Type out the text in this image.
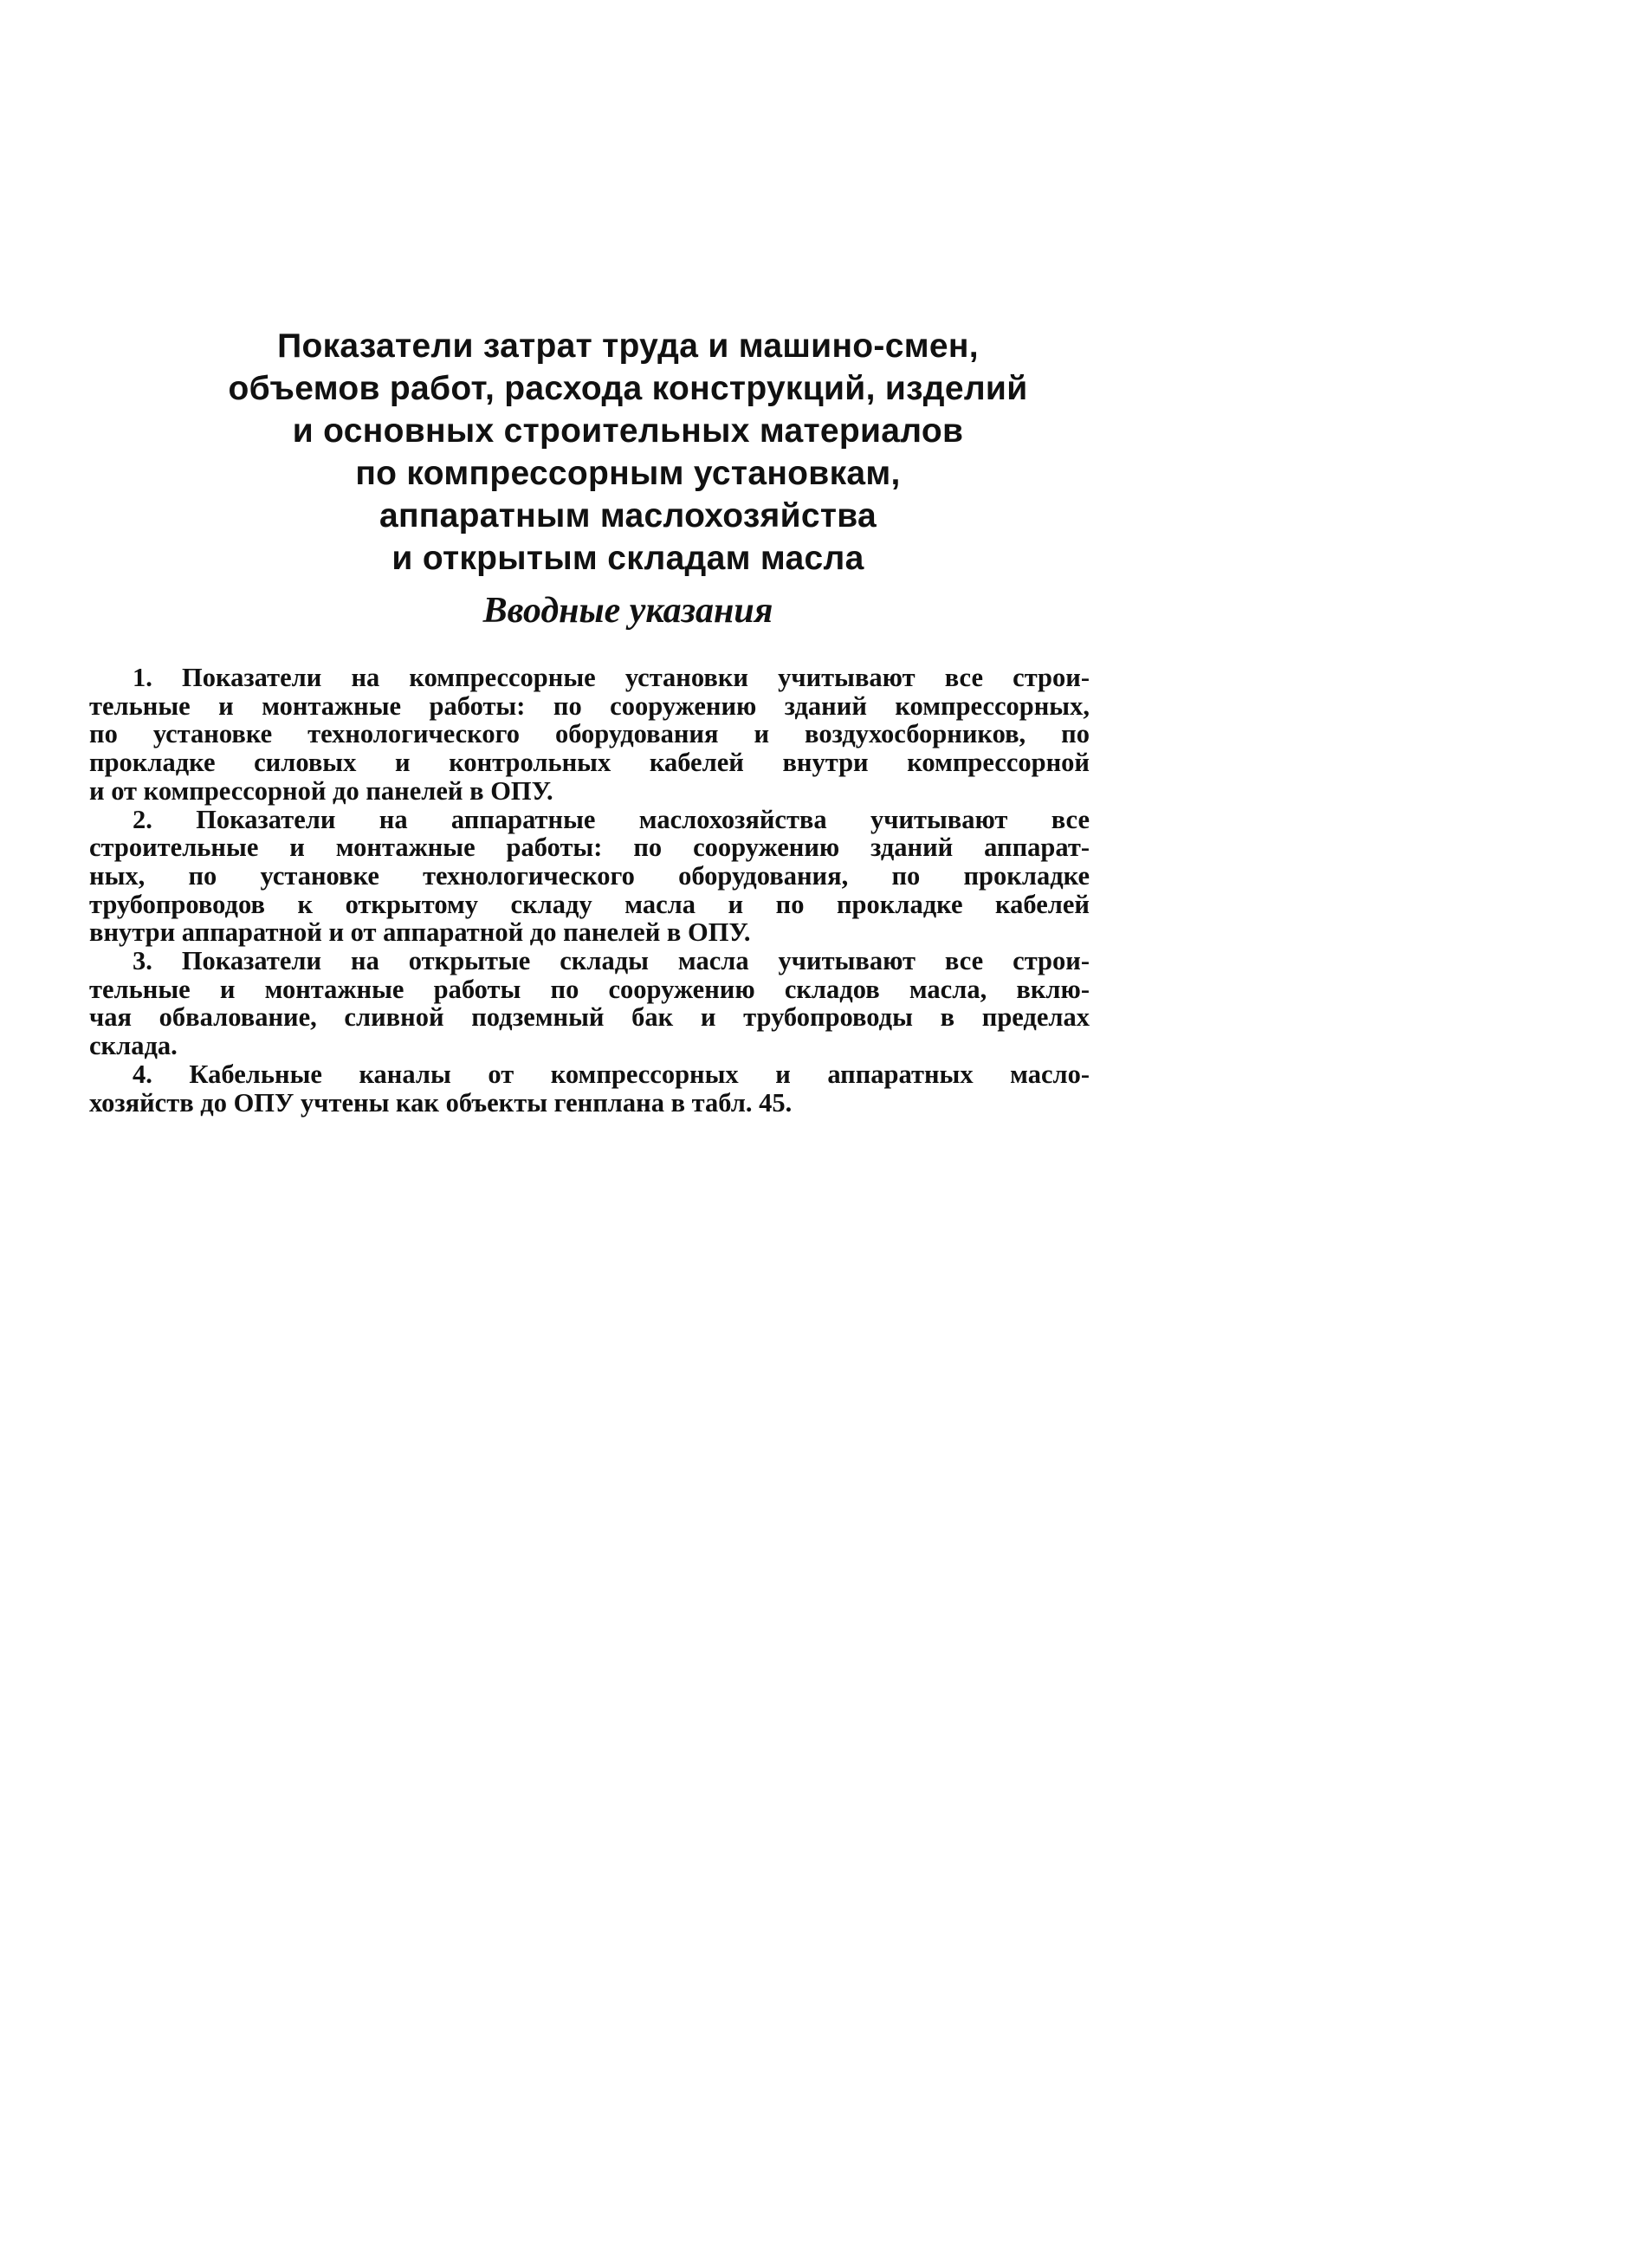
Показатели затрат труда и машино-смен,
объемов работ, расхода конструкций, изделий
и основных строительных материалов
по компрессорным установкам,
аппаратным маслохозяйства
и открытым складам масла
Вводные указания
1. Показатели на компрессорные установки учитывают все строи-
тельные и монтажные работы: по сооружению зданий компрессорных,
по установке технологического оборудования и воздухосборников, по
прокладке силовых и контрольных кабелей внутри компрессорной
и от компрессорной до панелей в ОПУ.
2. Показатели на аппаратные маслохозяйства учитывают все
строительные и монтажные работы: по сооружению зданий аппарат-
ных, по установке технологического оборудования, по прокладке
трубопроводов к открытому складу масла и по прокладке кабелей
внутри аппаратной и от аппаратной до панелей в ОПУ.
3. Показатели на открытые склады масла учитывают все строи-
тельные и монтажные работы по сооружению складов масла, вклю-
чая обвалование, сливной подземный бак и трубопроводы в пределах
склада.
4. Кабельные каналы от компрессорных и аппаратных масло-
хозяйств до ОПУ учтены как объекты генплана в табл. 45.
